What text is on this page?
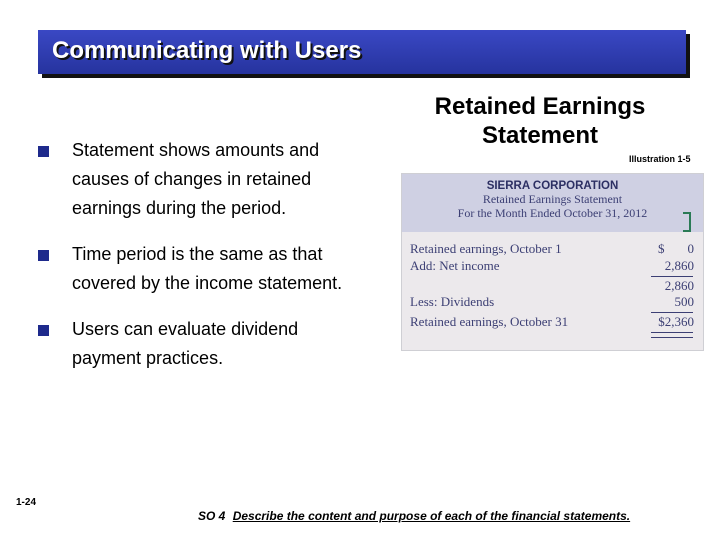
Communicating with Users
Statement shows amounts and causes of changes in retained earnings during the period.
Time period is the same as that covered by the income statement.
Users can evaluate dividend payment practices.
Retained Earnings
Statement
Illustration 1-5
SIERRA CORPORATION
Retained Earnings Statement
For the Month Ended October 31, 2012
Retained earnings, October 1	$ 0
Add: Net income	2,860
2,860
Less: Dividends	500
Retained earnings, October 31	$2,360
1-24
SO 4 Describe the content and purpose of each of the financial statements.
